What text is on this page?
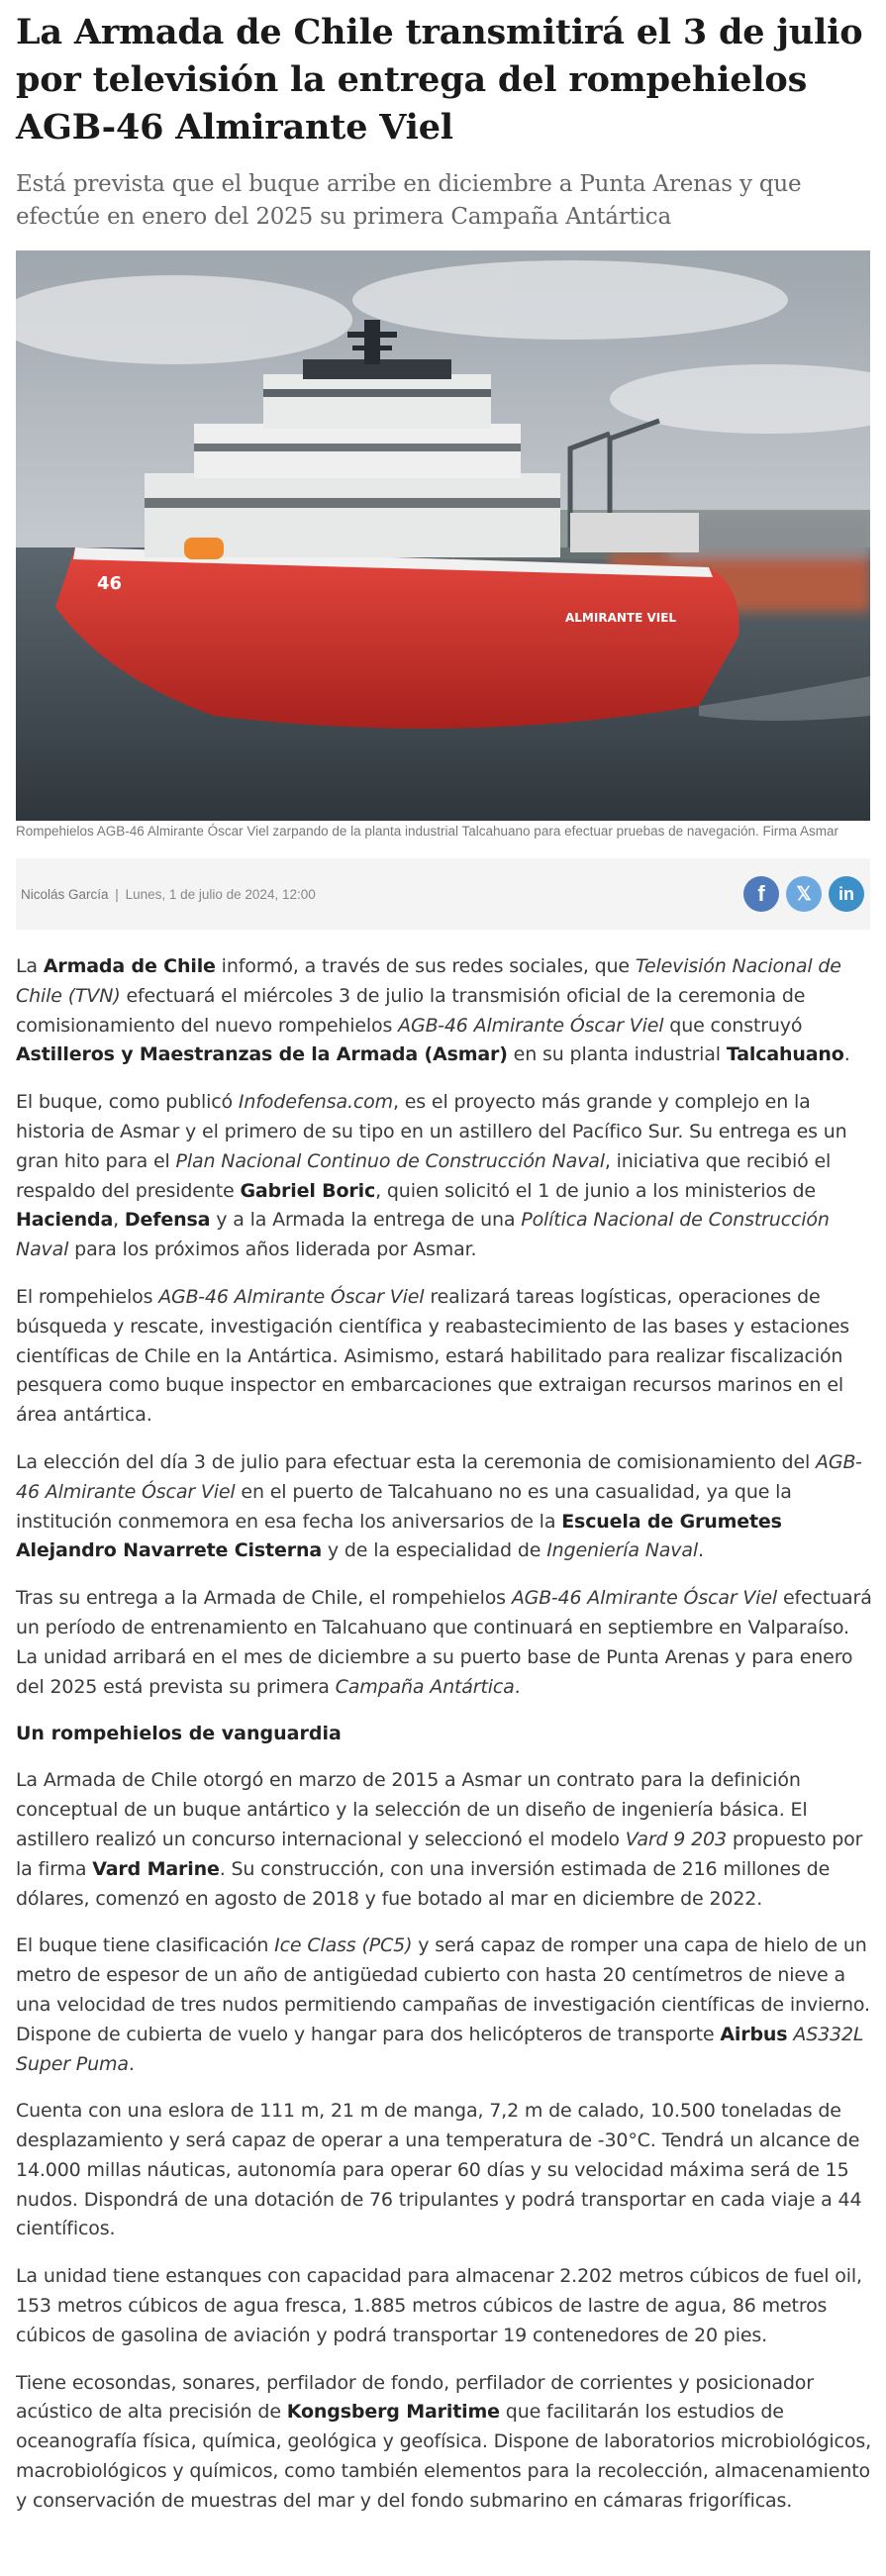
La Armada de Chile transmitirá el 3 de julio por televisión la entrega del rompehielos AGB-46 Almirante Viel

Está prevista que el buque arribe en diciembre a Punta Arenas y que efectúe en enero del 2025 su primera Campaña Antártica

ALMIRANTE VIEL
46

Rompehielos AGB-46 Almirante Óscar Viel zarpando de la planta industrial Talcahuano para efectuar pruebas de navegación. Firma Asmar

Nicolás García | Lunes, 1 de julio de 2024, 12:00	f 𝕏 in

La Armada de Chile informó, a través de sus redes sociales, que Televisión Nacional de Chile (TVN) efectuará el miércoles 3 de julio la transmisión oficial de la ceremonia de comisionamiento del nuevo rompehielos AGB-46 Almirante Óscar Viel que construyó Astilleros y Maestranzas de la Armada (Asmar) en su planta industrial Talcahuano.

El buque, como publicó Infodefensa.com, es el proyecto más grande y complejo en la historia de Asmar y el primero de su tipo en un astillero del Pacífico Sur. Su entrega es un gran hito para el Plan Nacional Continuo de Construcción Naval, iniciativa que recibió el respaldo del presidente Gabriel Boric, quien solicitó el 1 de junio a los ministerios de Hacienda, Defensa y a la Armada la entrega de una Política Nacional de Construcción Naval para los próximos años liderada por Asmar.

El rompehielos AGB-46 Almirante Óscar Viel realizará tareas logísticas, operaciones de búsqueda y rescate, investigación científica y reabastecimiento de las bases y estaciones científicas de Chile en la Antártica. Asimismo, estará habilitado para realizar fiscalización pesquera como buque inspector en embarcaciones que extraigan recursos marinos en el área antártica.

La elección del día 3 de julio para efectuar esta la ceremonia de comisionamiento del AGB-46 Almirante Óscar Viel en el puerto de Talcahuano no es una casualidad, ya que la institución conmemora en esa fecha los aniversarios de la Escuela de Grumetes Alejandro Navarrete Cisterna y de la especialidad de Ingeniería Naval.

Tras su entrega a la Armada de Chile, el rompehielos AGB-46 Almirante Óscar Viel efectuará un período de entrenamiento en Talcahuano que continuará en septiembre en Valparaíso. La unidad arribará en el mes de diciembre a su puerto base de Punta Arenas y para enero del 2025 está prevista su primera Campaña Antártica.

Un rompehielos de vanguardia

La Armada de Chile otorgó en marzo de 2015 a Asmar un contrato para la definición conceptual de un buque antártico y la selección de un diseño de ingeniería básica. El astillero realizó un concurso internacional y seleccionó el modelo Vard 9 203 propuesto por la firma Vard Marine. Su construcción, con una inversión estimada de 216 millones de dólares, comenzó en agosto de 2018 y fue botado al mar en diciembre de 2022.

El buque tiene clasificación Ice Class (PC5) y será capaz de romper una capa de hielo de un metro de espesor de un año de antigüedad cubierto con hasta 20 centímetros de nieve a una velocidad de tres nudos permitiendo campañas de investigación científicas de invierno. Dispone de cubierta de vuelo y hangar para dos helicópteros de transporte Airbus AS332L Super Puma.

Cuenta con una eslora de 111 m, 21 m de manga, 7,2 m de calado, 10.500 toneladas de desplazamiento y será capaz de operar a una temperatura de -30°C. Tendrá un alcance de 14.000 millas náuticas, autonomía para operar 60 días y su velocidad máxima será de 15 nudos. Dispondrá de una dotación de 76 tripulantes y podrá transportar en cada viaje a 44 científicos.

La unidad tiene estanques con capacidad para almacenar 2.202 metros cúbicos de fuel oil, 153 metros cúbicos de agua fresca, 1.885 metros cúbicos de lastre de agua, 86 metros cúbicos de gasolina de aviación y podrá transportar 19 contenedores de 20 pies.

Tiene ecosondas, sonares, perfilador de fondo, perfilador de corrientes y posicionador acústico de alta precisión de Kongsberg Maritime que facilitarán los estudios de oceanografía física, química, geológica y geofísica. Dispone de laboratorios microbiológicos, macrobiológicos y químicos, como también elementos para la recolección, almacenamiento y conservación de muestras del mar y del fondo submarino en cámaras frigoríficas.
